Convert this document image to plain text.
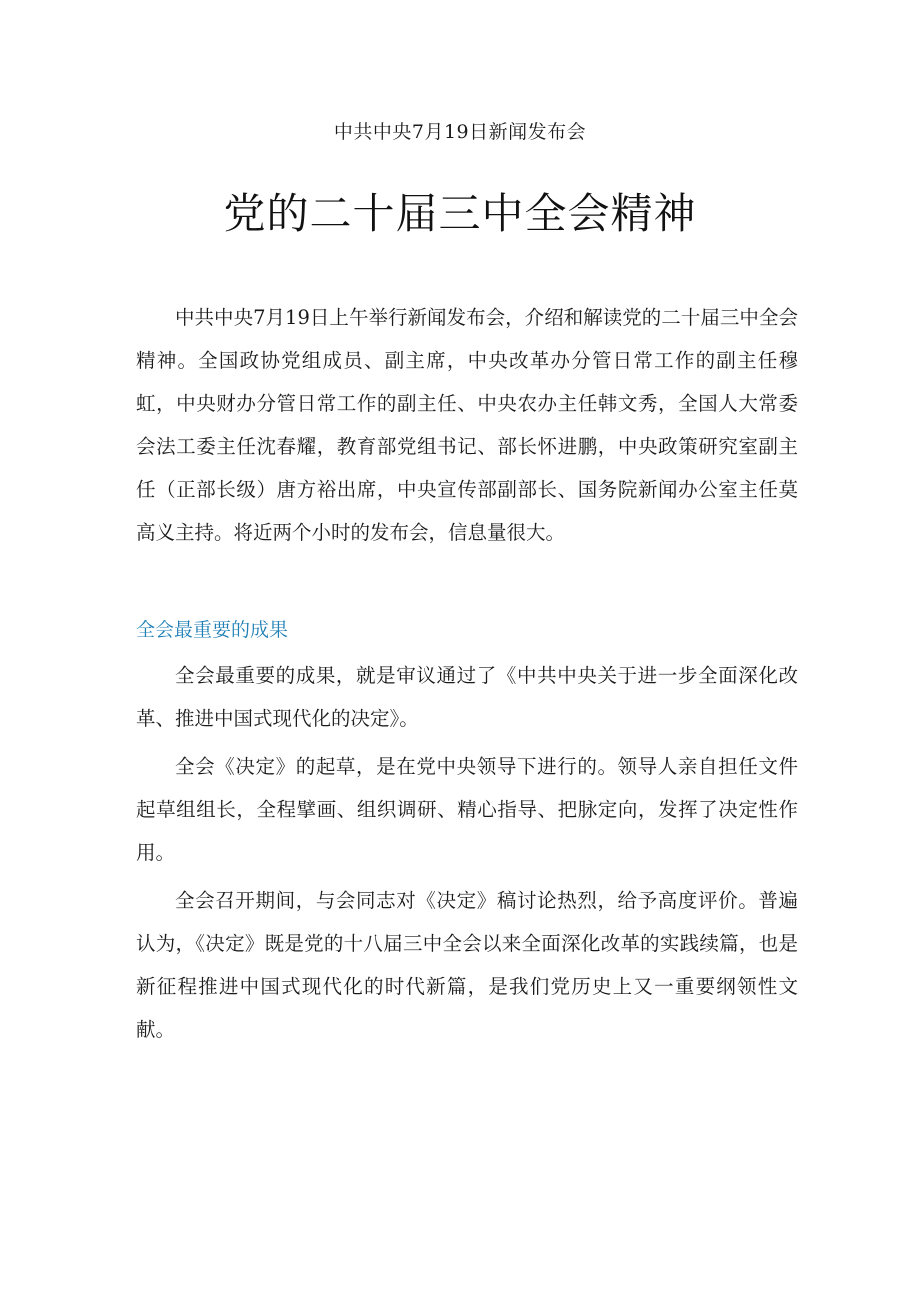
中共中央7月19日新闻发布会
党的二十届三中全会精神

中共中央7月19日上午举行新闻发布会，介绍和解读党的二十届三中全会精神。全国政协党组成员、副主席，中央改革办分管日常工作的副主任穆虹，中央财办分管日常工作的副主任、中央农办主任韩文秀，全国人大常委会法工委主任沈春耀，教育部党组书记、部长怀进鹏，中央政策研究室副主任（正部长级）唐方裕出席，中央宣传部副部长、国务院新闻办公室主任莫高义主持。将近两个小时的发布会，信息量很大。

全会最重要的成果

全会最重要的成果，就是审议通过了《中共中央关于进一步全面深化改革、推进中国式现代化的决定》。

全会《决定》的起草，是在党中央领导下进行的。领导人亲自担任文件起草组组长，全程擘画、组织调研、精心指导、把脉定向，发挥了决定性作用。

全会召开期间，与会同志对《决定》稿讨论热烈，给予高度评价。普遍认为，《决定》既是党的十八届三中全会以来全面深化改革的实践续篇，也是新征程推进中国式现代化的时代新篇，是我们党历史上又一重要纲领性文献。
